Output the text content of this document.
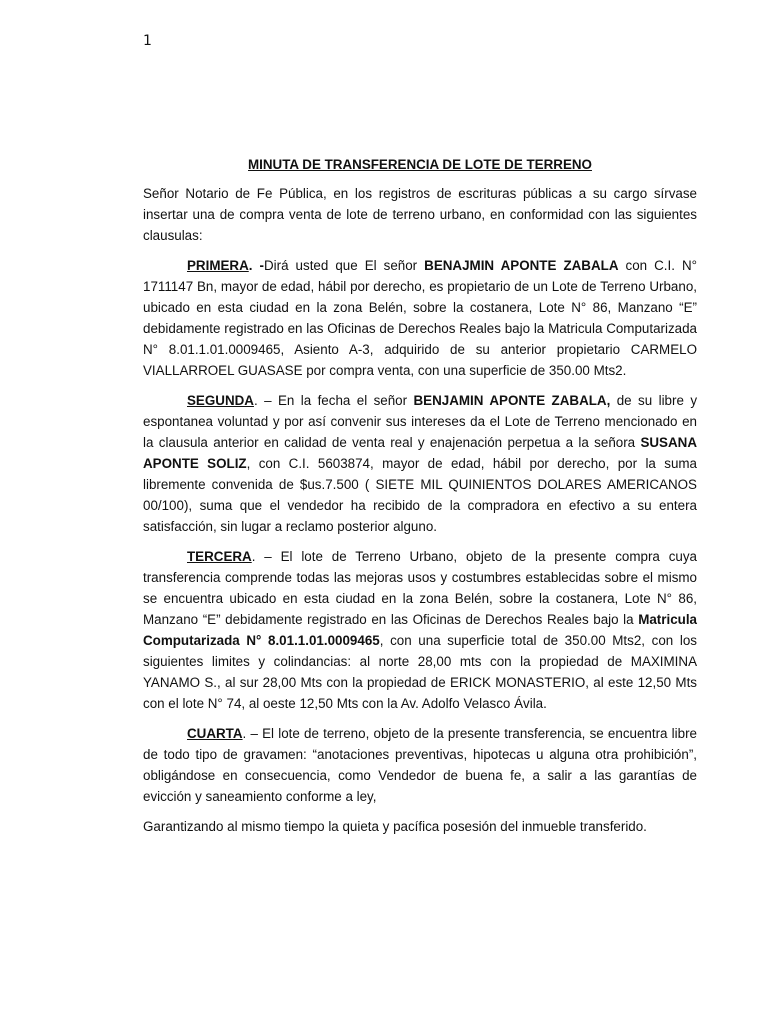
1
MINUTA DE TRANSFERENCIA DE LOTE DE TERRENO

Señor Notario de Fe Pública, en los registros de escrituras públicas a su cargo sírvase insertar una de compra venta de lote de terreno urbano, en conformidad con las siguientes clausulas:

PRIMERA. -Dirá usted que El señor BENAJMIN APONTE ZABALA con C.I. N° 1711147 Bn, mayor de edad, hábil por derecho, es propietario de un Lote de Terreno Urbano, ubicado en esta ciudad en la zona Belén, sobre la costanera, Lote N° 86, Manzano “E” debidamente registrado en las Oficinas de Derechos Reales bajo la Matricula Computarizada N° 8.01.1.01.0009465, Asiento A-3, adquirido de su anterior propietario CARMELO VIALLARROEL GUASASE por compra venta, con una superficie de 350.00 Mts2.

SEGUNDA. – En la fecha el señor BENJAMIN APONTE ZABALA, de su libre y espontanea voluntad y por así convenir sus intereses da el Lote de Terreno mencionado en la clausula anterior en calidad de venta real y enajenación perpetua a la señora SUSANA APONTE SOLIZ, con C.I. 5603874, mayor de edad, hábil por derecho, por la suma libremente convenida de $us.7.500 ( SIETE MIL QUINIENTOS DOLARES AMERICANOS 00/100), suma que el vendedor ha recibido de la compradora en efectivo a su entera satisfacción, sin lugar a reclamo posterior alguno.

TERCERA. – El lote de Terreno Urbano, objeto de la presente compra cuya transferencia comprende todas las mejoras usos y costumbres establecidas sobre el mismo se encuentra ubicado en esta ciudad en la zona Belén, sobre la costanera, Lote N° 86, Manzano “E” debidamente registrado en las Oficinas de Derechos Reales bajo la Matricula Computarizada N° 8.01.1.01.0009465, con una superficie total de 350.00 Mts2, con los siguientes limites y colindancias: al norte 28,00 mts con la propiedad de MAXIMINA YANAMO S., al sur 28,00 Mts con la propiedad de ERICK MONASTERIO, al este 12,50 Mts con el lote N° 74, al oeste 12,50 Mts con la Av. Adolfo Velasco Ávila.

CUARTA. – El lote de terreno, objeto de la presente transferencia, se encuentra libre de todo tipo de gravamen: “anotaciones preventivas, hipotecas u alguna otra prohibición”, obligándose en consecuencia, como Vendedor de buena fe, a salir a las garantías de evicción y saneamiento conforme a ley,

Garantizando al mismo tiempo la quieta y pacífica posesión del inmueble transferido.
